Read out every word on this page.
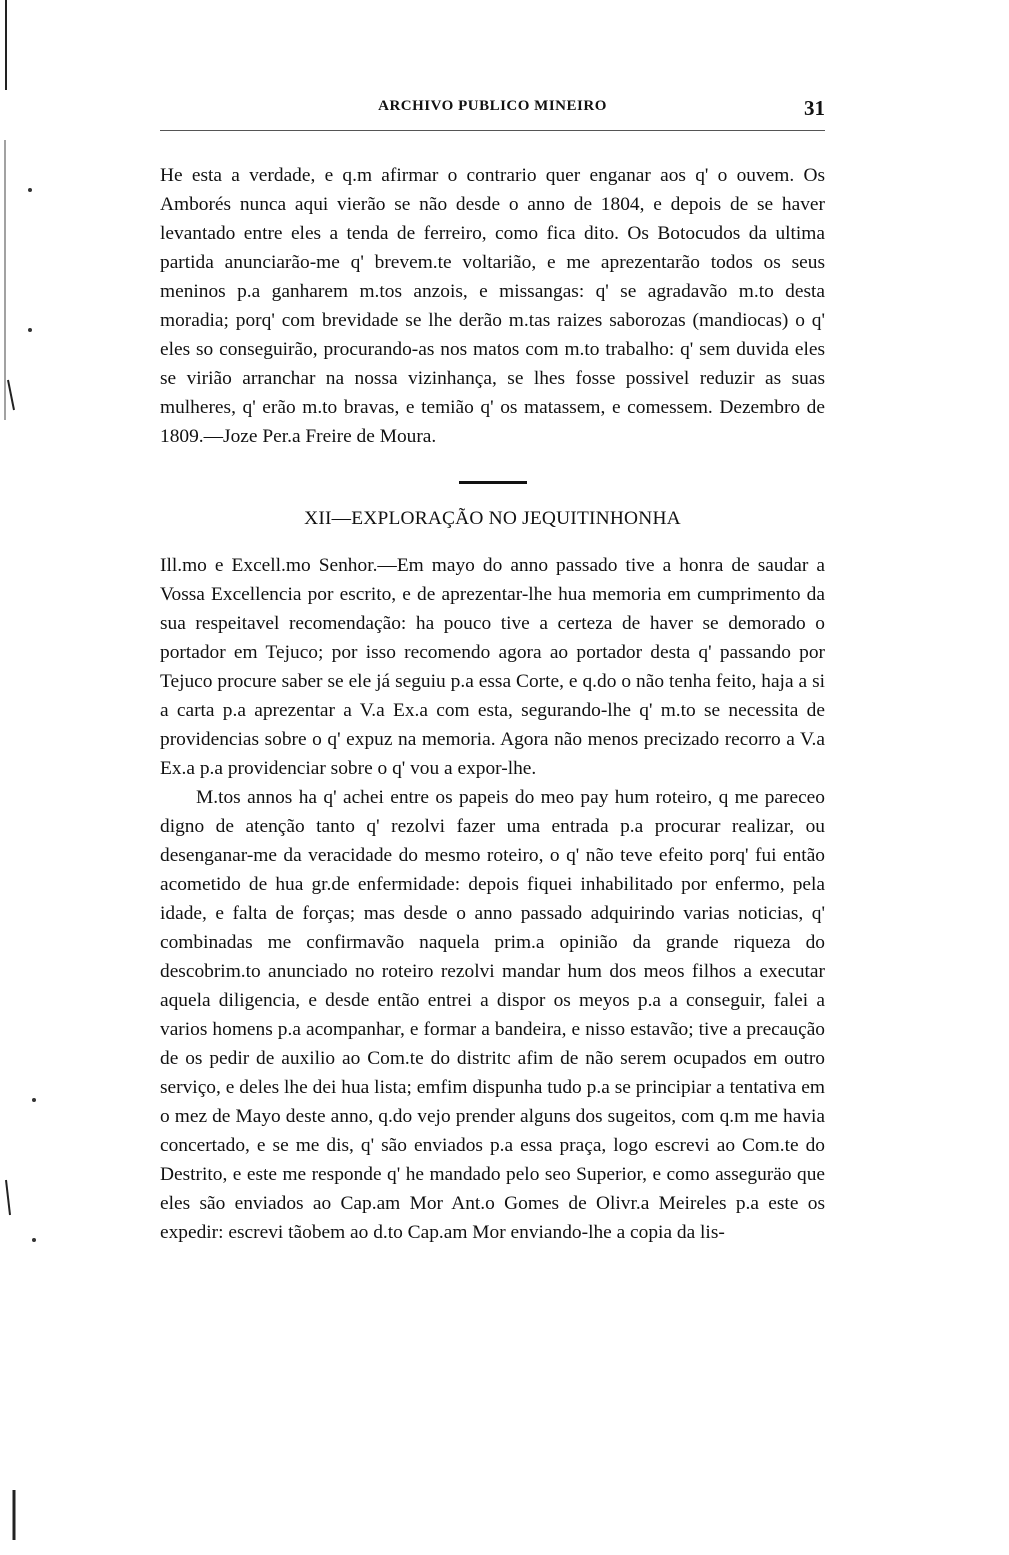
ARCHIVO PUBLICO MINEIRO	31

He esta a verdade, e q.m afirmar o contrario quer enganar aos q' o ouvem. Os Amborés nunca aqui vierão se não desde o anno de 1804, e depois de se haver levantado entre eles a tenda de ferreiro, como fica dito. Os Botocudos da ultima partida anunciarão-me q' brevem.te voltarião, e me aprezentarão todos os seus meninos p.a ganharem m.tos anzois, e missangas: q' se agradavão m.to desta moradia; porq' com brevidade se lhe derão m.tas raizes saborozas (mandiocas) o q' eles so conseguirão, procurando-as nos matos com m.to trabalho: q' sem duvida eles se virião arranchar na nossa vizinhança, se lhes fosse possivel reduzir as suas mulheres, q' erão m.to bravas, e temião q' os matassem, e comessem. Dezembro de 1809.—Joze Per.a Freire de Moura.

XII—EXPLORAÇÃO NO JEQUITINHONHA

Ill.mo e Excell.mo Senhor.—Em mayo do anno passado tive a honra de saudar a Vossa Excellencia por escrito, e de aprezentar-lhe hua memoria em cumprimento da sua respeitavel recomendação: ha pouco tive a certeza de haver se demorado o portador em Tejuco; por isso recomendo agora ao portador desta q' passando por Tejuco procure saber se ele já seguiu p.a essa Corte, e q.do o não tenha feito, haja a si a carta p.a aprezentar a V.a Ex.a com esta, segurando-lhe q' m.to se necessita de providencias sobre o q' expuz na memoria. Agora não menos precizado recorro a V.a Ex.a p.a providenciar sobre o q' vou a expor-lhe.

M.tos annos ha q' achei entre os papeis do meo pay hum roteiro, q me pareceo digno de atenção tanto q' rezolvi fazer uma entrada p.a procurar realizar, ou desenganar-me da veracidade do mesmo roteiro, o q' não teve efeito porq' fui então acometido de hua gr.de enfermidade: depois fiquei inhabilitado por enfermo, pela idade, e falta de forças; mas desde o anno passado adquirindo varias noticias, q' combinadas me confirmavão naquela prim.a opinião da grande riqueza do descobrim.to anunciado no roteiro rezolvi mandar hum dos meos filhos a executar aquela diligencia, e desde então entrei a dispor os meyos p.a a conseguir, falei a varios homens p.a acompanhar, e formar a bandeira, e nisso estavão; tive a precaução de os pedir de auxilio ao Com.te do distritc afim de não serem ocupados em outro serviço, e deles lhe dei hua lista; emfim dispunha tudo p.a se principiar a tentativa em o mez de Mayo deste anno, q.do vejo prender alguns dos sugeitos, com q.m me havia concertado, e se me dis, q' são enviados p.a essa praça, logo escrevi ao Com.te do Destrito, e este me responde q' he mandado pelo seo Superior, e como asseguräo que eles são enviados ao Cap.am Mor Ant.o Gomes de Olivr.a Meireles p.a este os expedir: escrevi tãobem ao d.to Cap.am Mor enviando-lhe a copia da lis-
